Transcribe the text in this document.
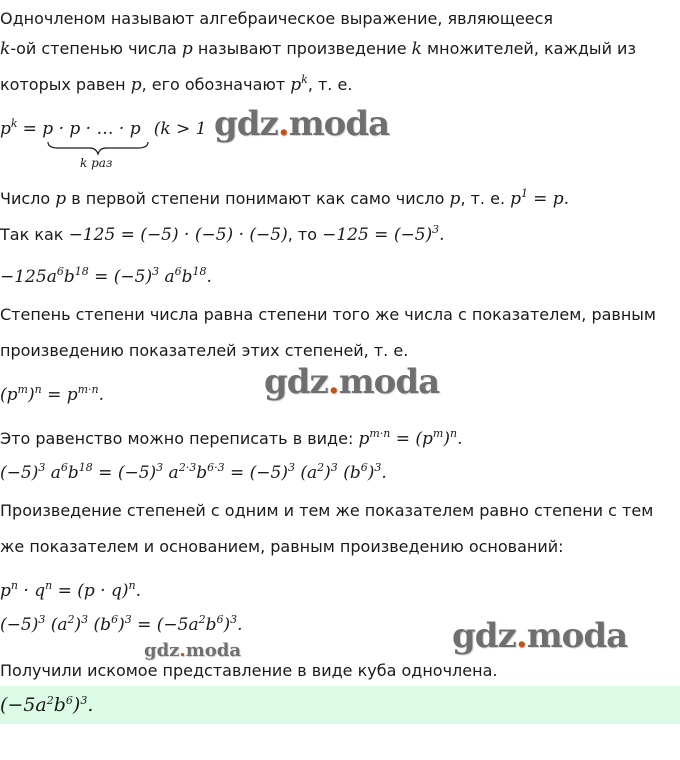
Одночленом называют алгебраическое выражение, являющееся
k-ой степенью числа p называют произведение k множителей, каждый из
которых равен p, его обозначают $p^k$, т. е.
$p^k = p \cdot p$ · … · p (k > 1
k раз
gdz.moda
Число p в первой степени понимают как само число p, т. е. $p^1 = p$.
Так как −125 = (−5) · (−5) · (−5), то $-125 = (-5)^3$.
$-125a^6b^{18} = (-5)^3$ $a^6b^{18}$.
Степень степени числа равна степени того же числа с показателем, равным
произведению показателей этих степеней, т. е.
$(p^m)^n = p^{m\cdot n}$.	gdz.moda
Это равенство можно переписать в виде: $p^{m\cdot n} = (p^m)^n$.
$(-5)^3$ $a^6b^{18} = (-5)^3$ $a^{2\cdot 3}b^{6\cdot 3} = (-5)^3$ $(a^2)^3$ $(b^6)^3$.
Произведение степеней с одним и тем же показателем равно степени с тем
же показателем и основанием, равным произведению оснований:
$p^n \cdot q^n = (p \cdot q)^n$.
$(-5)^3$ $(a^2)^3$ $(b^6)^3 = (-5a^2b^6)^3$.
gdz.moda	gdz.moda
Получили искомое представление в виде куба одночлена.
$(-5a^2b^6)^3$.
